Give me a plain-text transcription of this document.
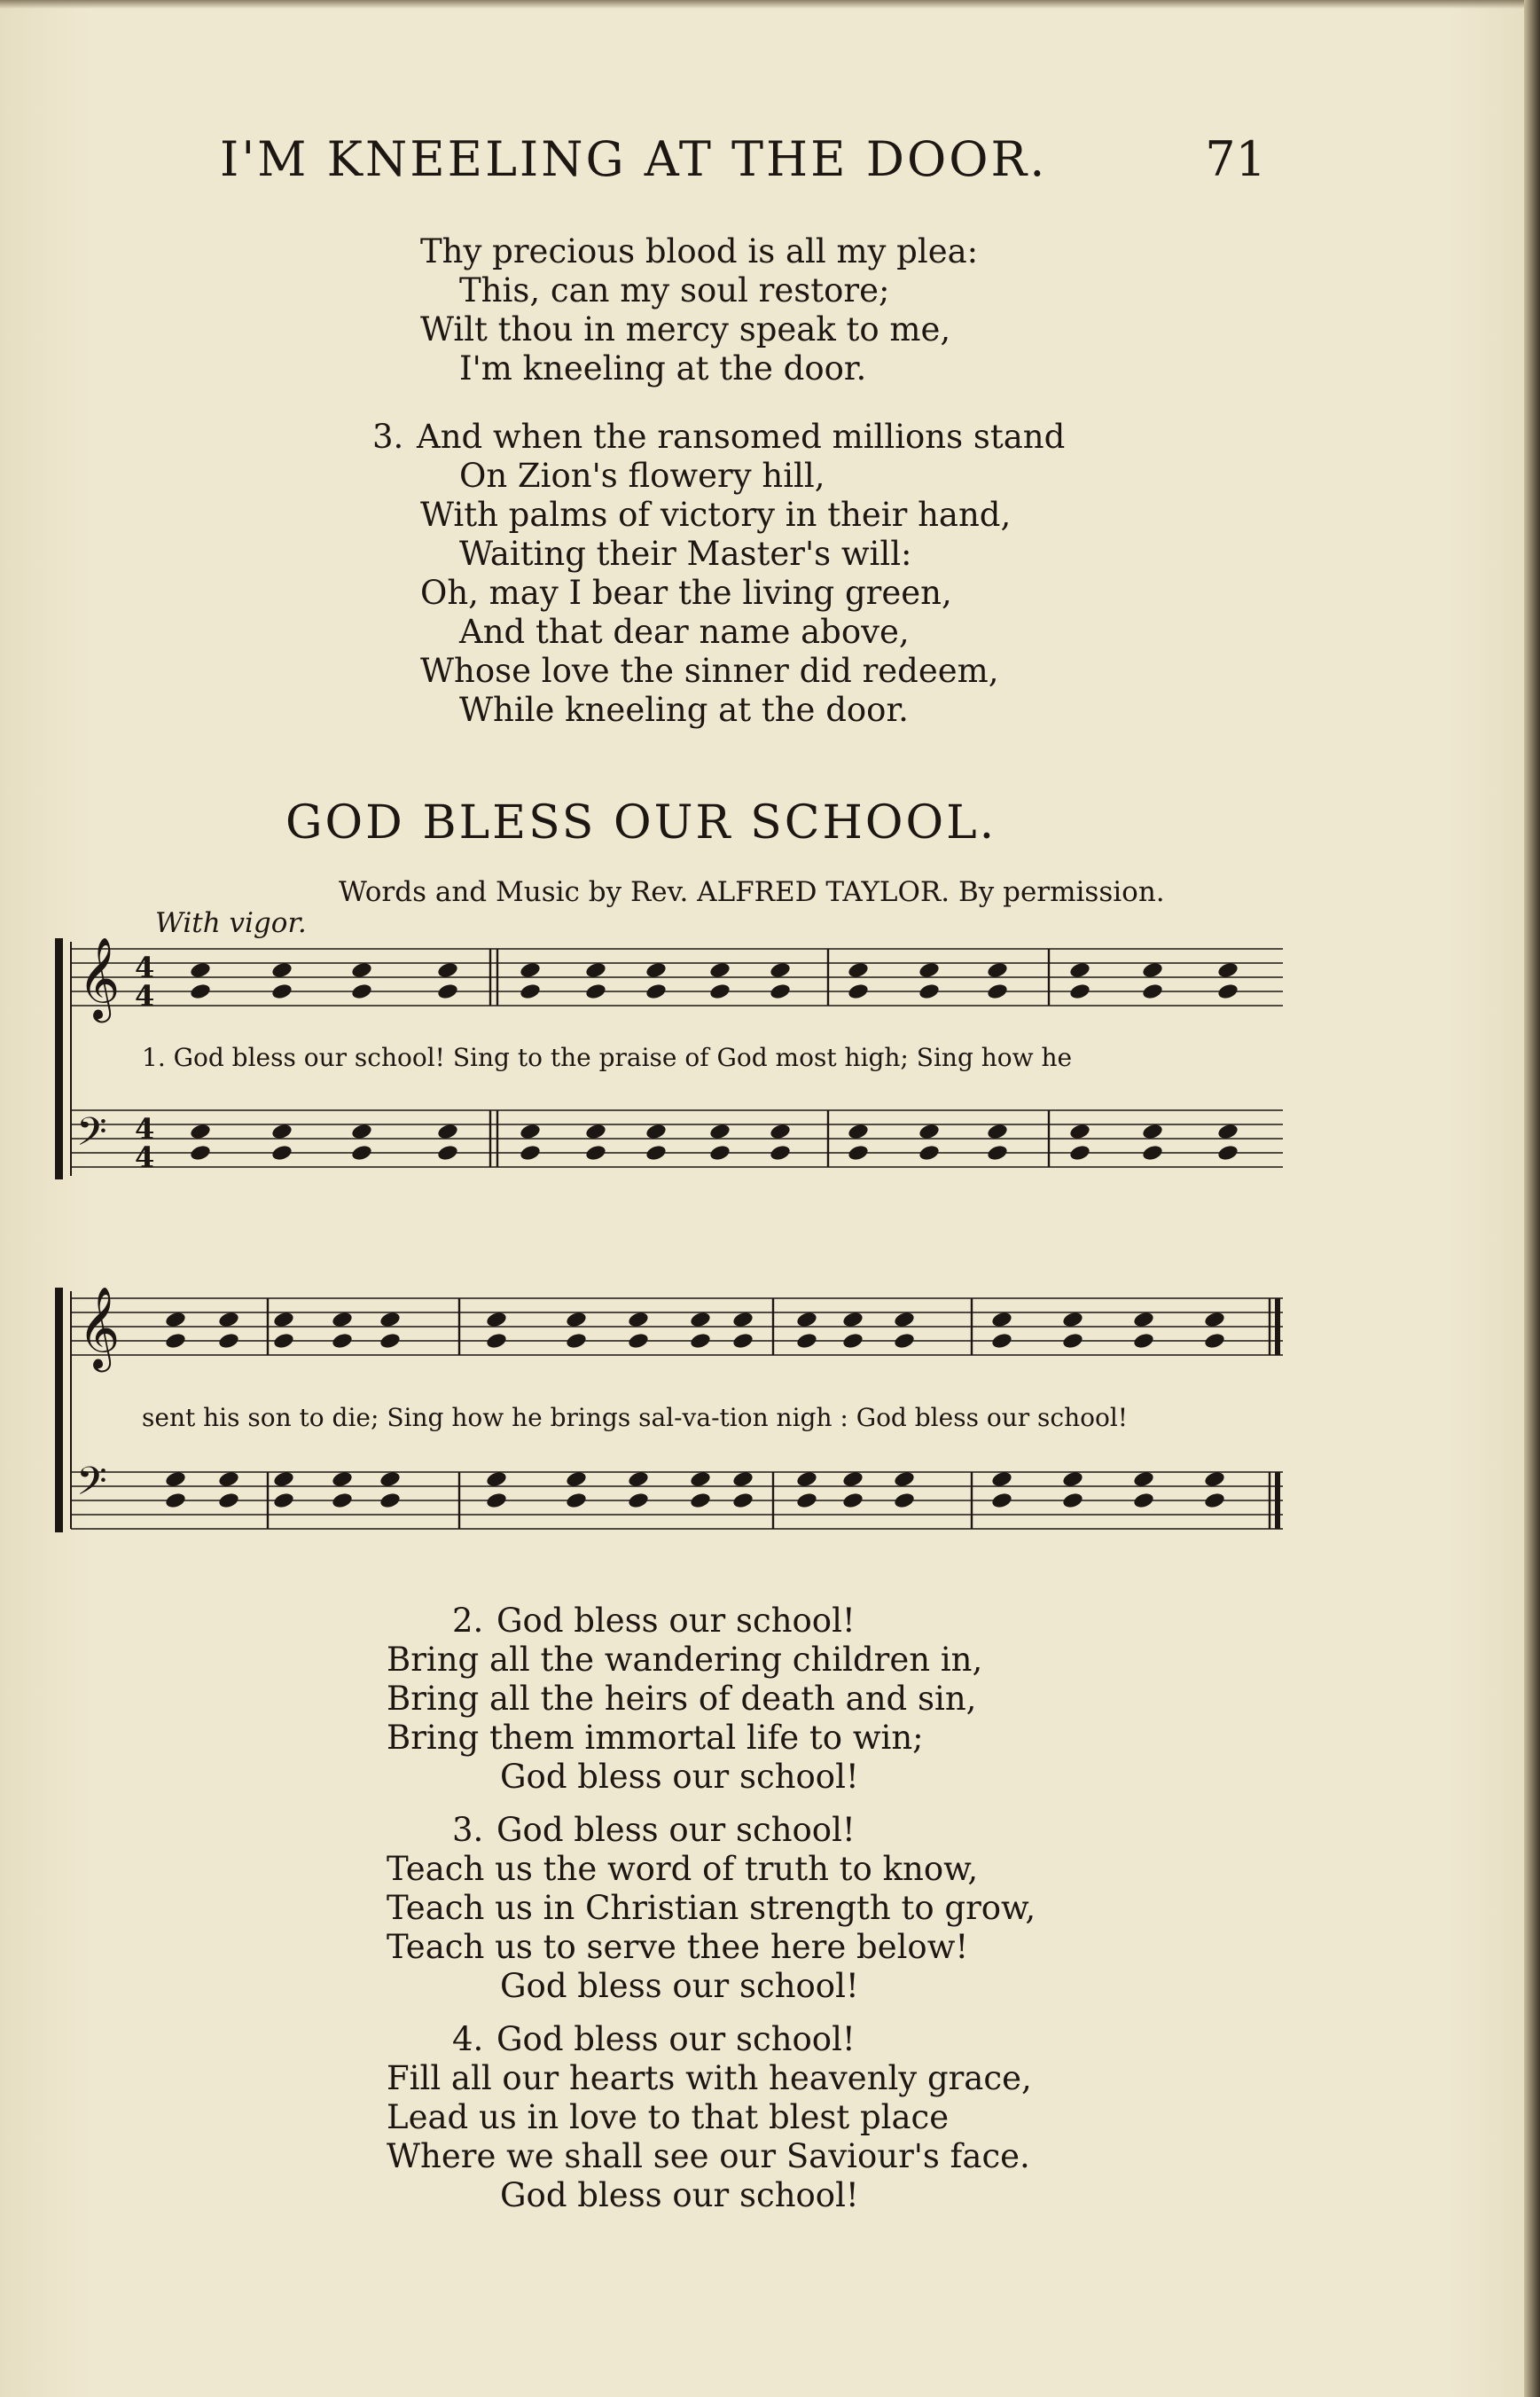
I'M KNEELING AT THE DOOR.	71
Thy precious blood is all my plea:
This, can my soul restore;
Wilt thou in mercy speak to me,
I'm kneeling at the door.
3. And when the ransomed millions stand
On Zion's flowery hill,
With palms of victory in their hand,
Waiting their Master's will:
Oh, may I bear the living green,
And that dear name above,
Whose love the sinner did redeem,
While kneeling at the door.
GOD BLESS OUR SCHOOL.
Words and Music by Rev. ALFRED TAYLOR. By permission.
With vigor.
𝄞
𝄢
𝄞
𝄢
4
4
4
4
1. God bless our school! Sing to the praise of God most high; Sing how he
sent his son to die; Sing how he brings sal-va-tion nigh : God bless our school!
2. God bless our school!
Bring all the wandering children in,
Bring all the heirs of death and sin,
Bring them immortal life to win;
God bless our school!
3. God bless our school!
Teach us the word of truth to know,
Teach us in Christian strength to grow,
Teach us to serve thee here below!
God bless our school!
4. God bless our school!
Fill all our hearts with heavenly grace,
Lead us in love to that blest place
Where we shall see our Saviour's face.
God bless our school!
